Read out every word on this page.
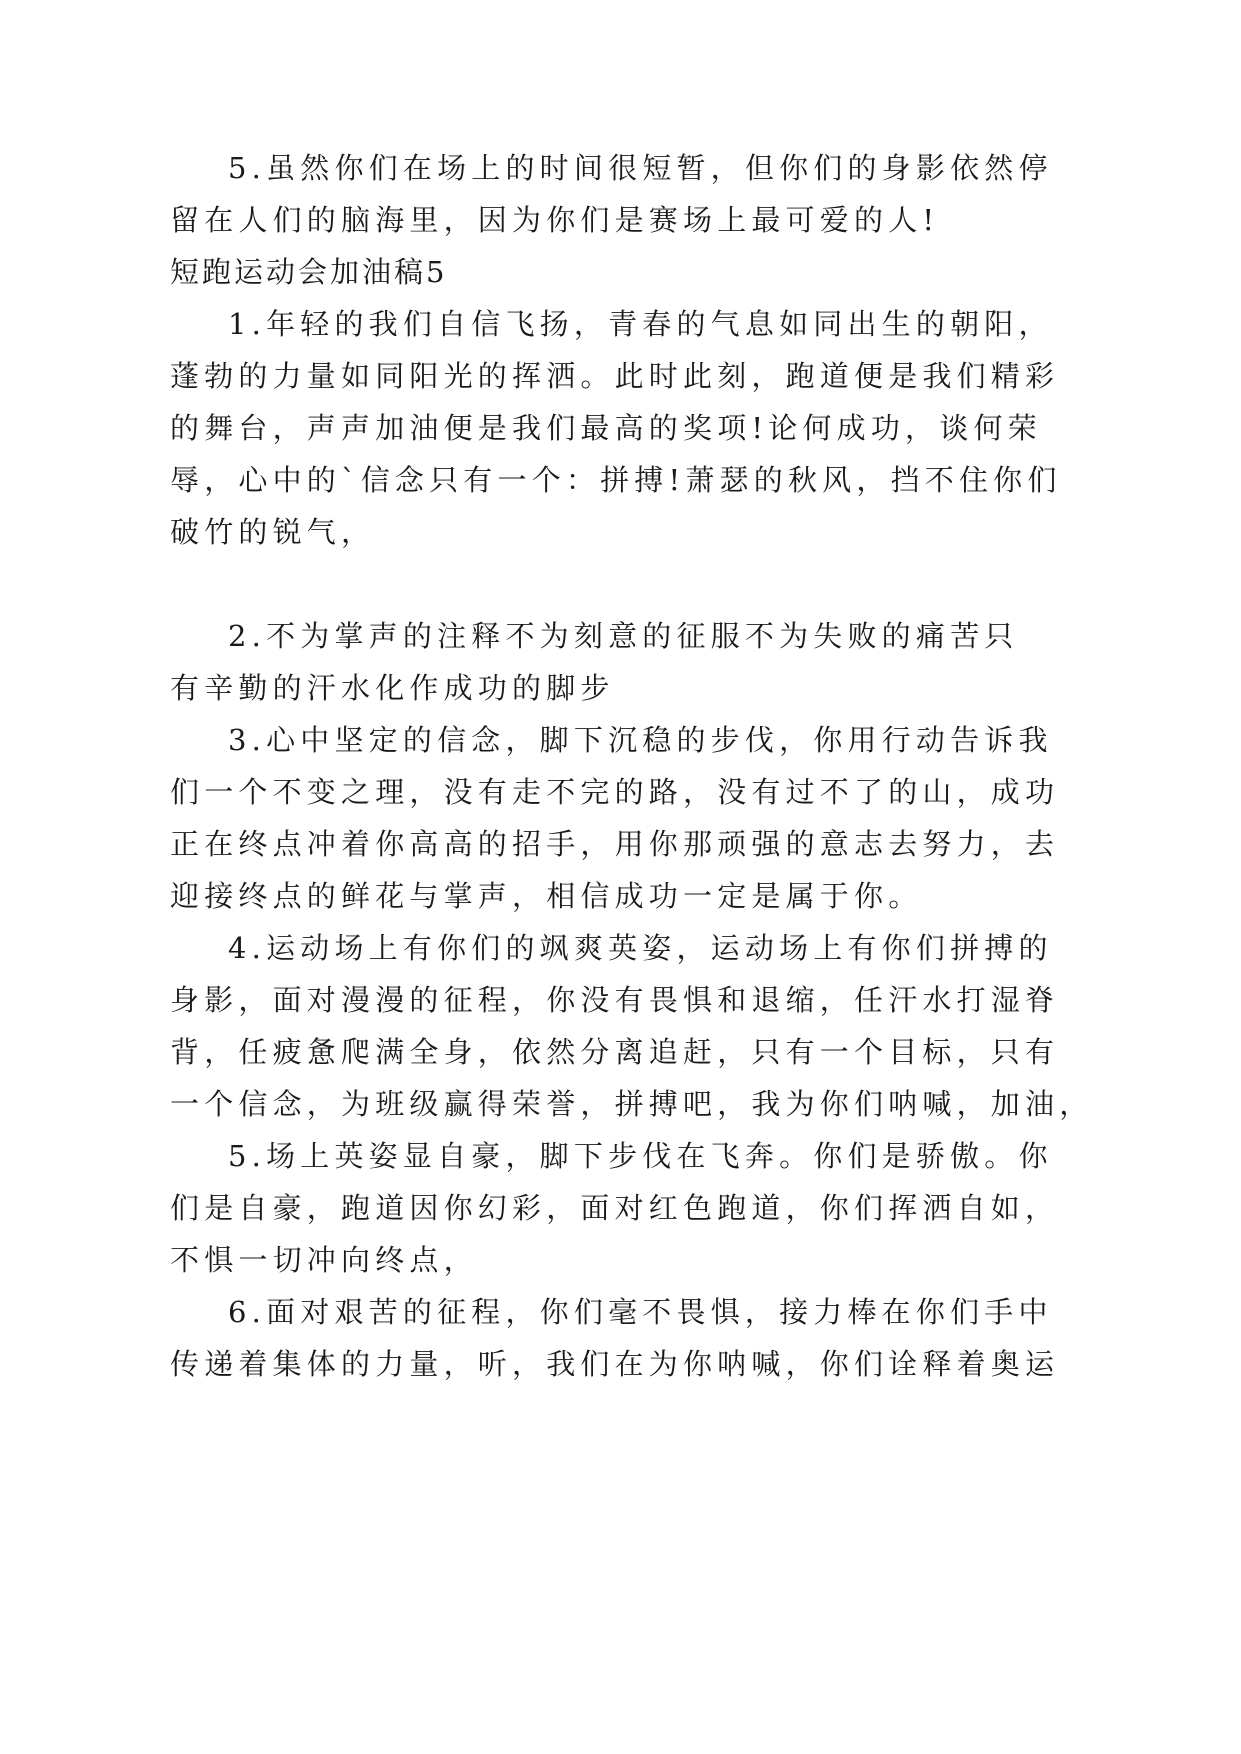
5.虽然你们在场上的时间很短暂，但你们的身影依然停
留在人们的脑海里，因为你们是赛场上最可爱的人!
短跑运动会加油稿5
1.年轻的我们自信飞扬，青春的气息如同出生的朝阳，
蓬勃的力量如同阳光的挥洒。此时此刻，跑道便是我们精彩
的舞台，声声加油便是我们最高的奖项!论何成功，谈何荣
辱，心中的`信念只有一个：拼搏!萧瑟的秋风，挡不住你们
破竹的锐气，
2.不为掌声的注释不为刻意的征服不为失败的痛苦只
有辛勤的汗水化作成功的脚步
3.心中坚定的信念，脚下沉稳的步伐，你用行动告诉我
们一个不变之理，没有走不完的路，没有过不了的山，成功
正在终点冲着你高高的招手，用你那顽强的意志去努力，去
迎接终点的鲜花与掌声，相信成功一定是属于你。
4.运动场上有你们的飒爽英姿，运动场上有你们拼搏的
身影，面对漫漫的征程，你没有畏惧和退缩，任汗水打湿脊
背，任疲惫爬满全身，依然分离追赶，只有一个目标，只有
一个信念，为班级赢得荣誉，拼搏吧，我为你们呐喊，加油，
5.场上英姿显自豪，脚下步伐在飞奔。你们是骄傲。你
们是自豪，跑道因你幻彩，面对红色跑道，你们挥洒自如，
不惧一切冲向终点，
6.面对艰苦的征程，你们毫不畏惧，接力棒在你们手中
传递着集体的力量，听，我们在为你呐喊，你们诠释着奥运
